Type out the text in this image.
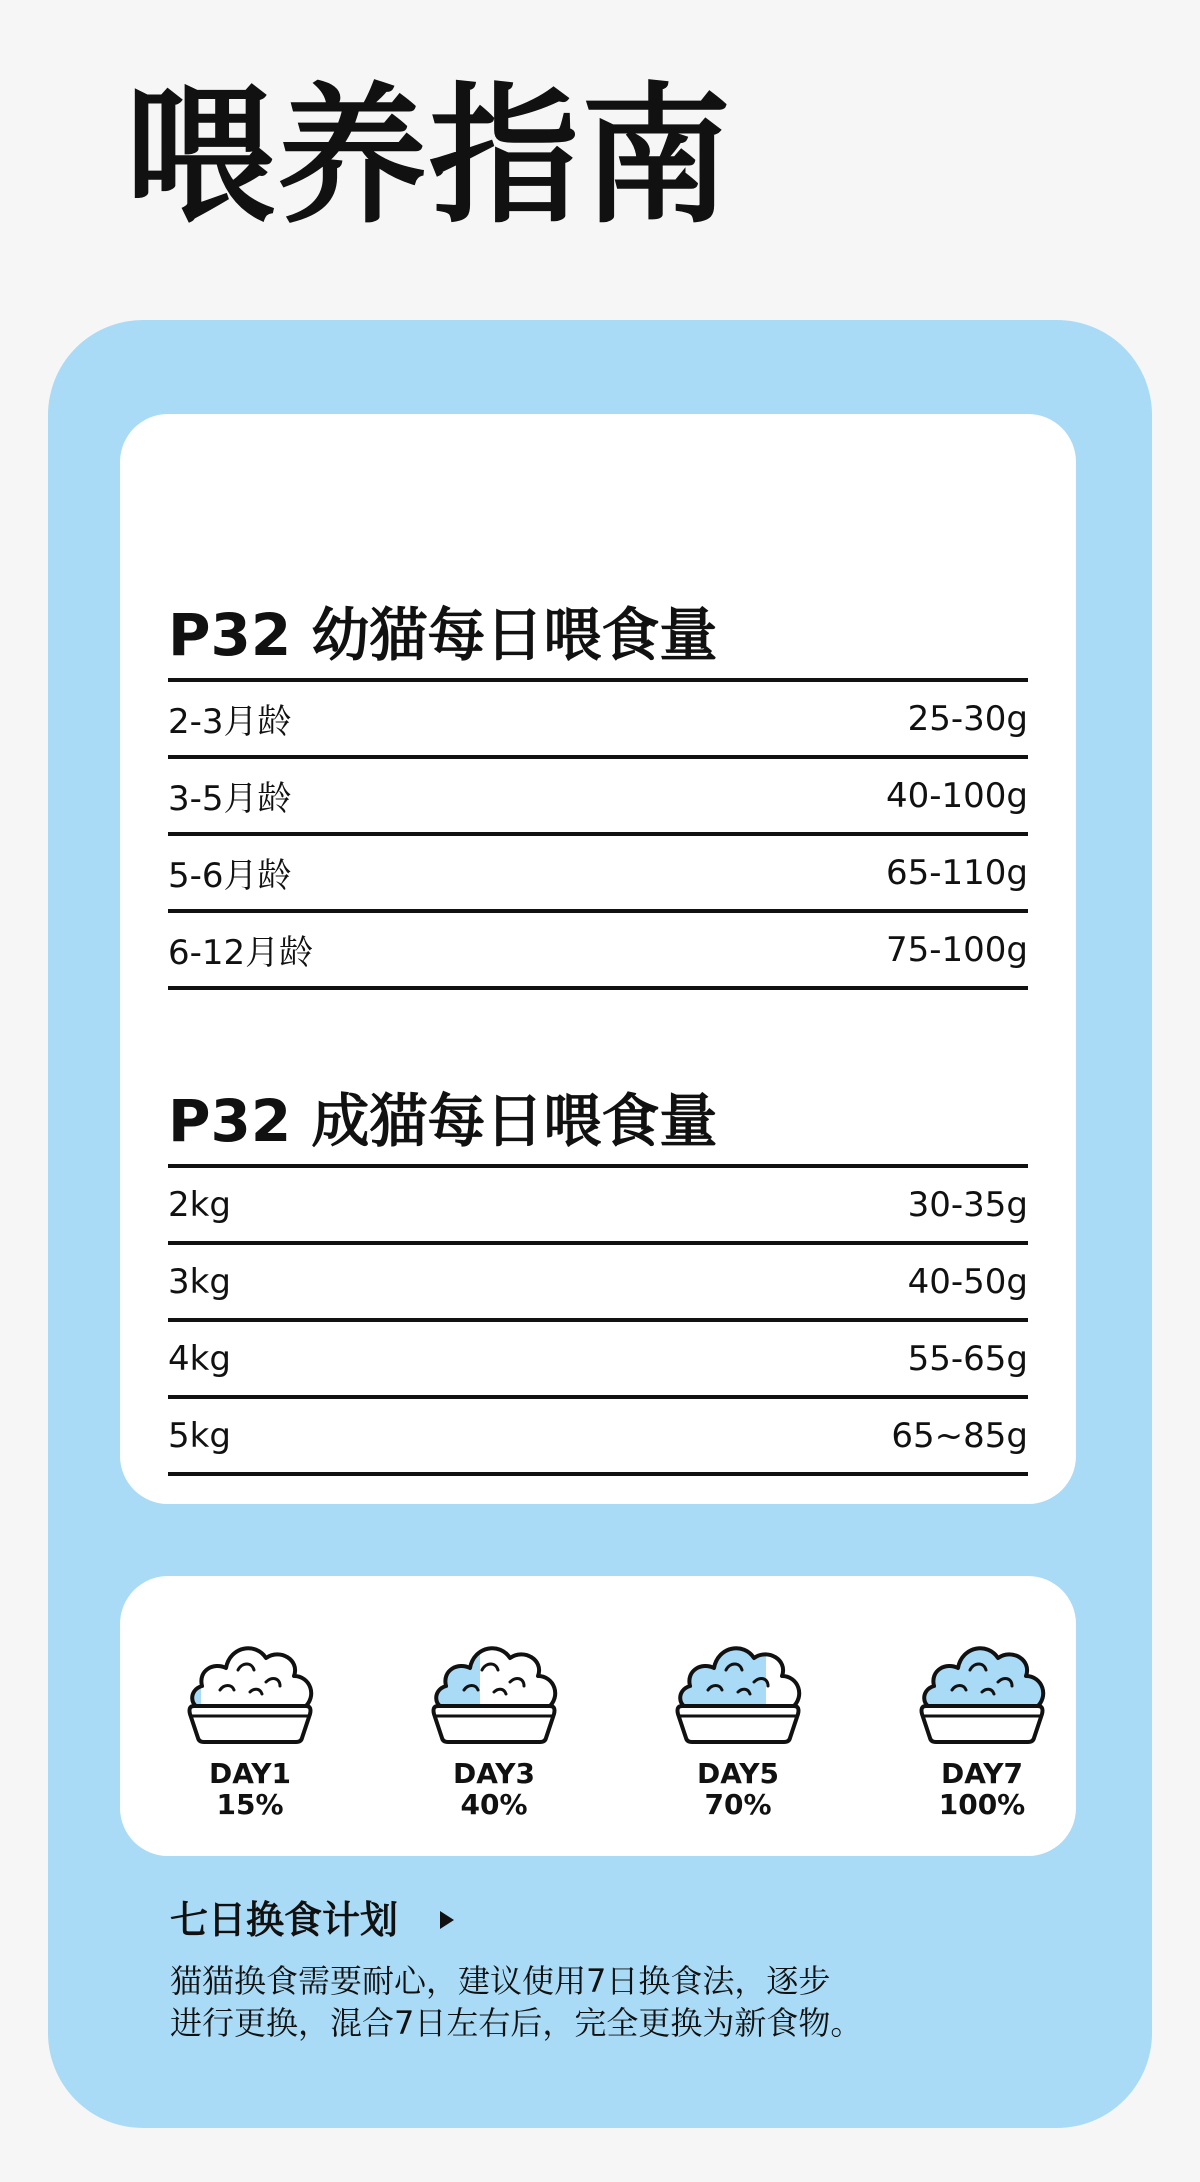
喂养指南
P32 幼猫每日喂食量
2-3月龄	25-30g
3-5月龄	40-100g
5-6月龄	65-110g
6-12月龄	75-100g
P32 成猫每日喂食量
2kg	30-35g
3kg	40-50g
4kg	55-65g
5kg	65~85g
DAY1
15%
DAY3
40%
DAY5
70%
DAY7
100%
七日换食计划
猫猫换食需要耐心，建议使用7日换食法，逐步
进行更换，混合7日左右后，完全更换为新食物。
